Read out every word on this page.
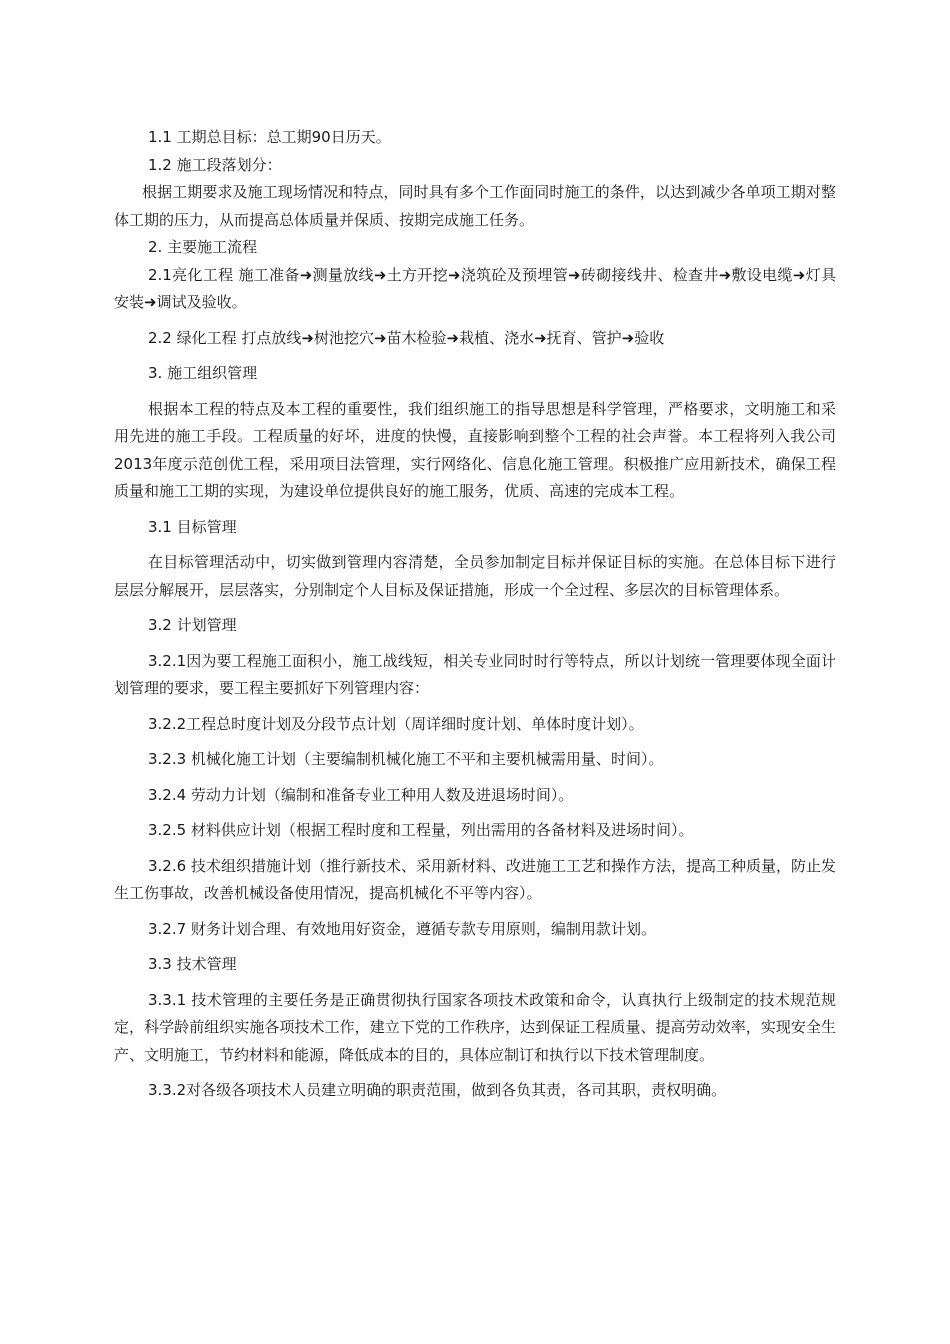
1.1 工期总目标：总工期90日历天。

1.2 施工段落划分：

根据工期要求及施工现场情况和特点，同时具有多个工作面同时施工的条件，以达到减少各单项工期对整体工期的压力，从而提高总体质量并保质、按期完成施工任务。

2. 主要施工流程

2.1亮化工程 施工准备➜测量放线➜土方开挖➜浇筑砼及预埋管➜砖砌接线井、检查井➜敷设电缆➜灯具安装➜调试及验收。

2.2 绿化工程 打点放线➜树池挖穴➜苗木检验➜栽植、浇水➜抚育、管护➜验收

3. 施工组织管理

根据本工程的特点及本工程的重要性，我们组织施工的指导思想是科学管理，严格要求，文明施工和采用先进的施工手段。工程质量的好坏，进度的快慢，直接影响到整个工程的社会声誉。本工程将列入我公司2013年度示范创优工程，采用项目法管理，实行网络化、信息化施工管理。积极推广应用新技术，确保工程质量和施工工期的实现，为建设单位提供良好的施工服务，优质、高速的完成本工程。

3.1 目标管理

在目标管理活动中，切实做到管理内容清楚，全员参加制定目标并保证目标的实施。在总体目标下进行层层分解展开，层层落实，分别制定个人目标及保证措施，形成一个全过程、多层次的目标管理体系。

3.2 计划管理

3.2.1因为要工程施工面积小，施工战线短，相关专业同时时行等特点，所以计划统一管理要体现全面计划管理的要求，要工程主要抓好下列管理内容：

3.2.2工程总时度计划及分段节点计划（周详细时度计划、单体时度计划）。

3.2.3 机械化施工计划（主要编制机械化施工不平和主要机械需用量、时间）。

3.2.4 劳动力计划（编制和准备专业工种用人数及进退场时间）。

3.2.5 材料供应计划（根据工程时度和工程量，列出需用的各备材料及进场时间）。

3.2.6 技术组织措施计划（推行新技术、采用新材料、改进施工工艺和操作方法，提高工种质量，防止发生工伤事故，改善机械设备使用情况，提高机械化不平等内容）。

3.2.7 财务计划合理、有效地用好资金，遵循专款专用原则，编制用款计划。

3.3 技术管理

3.3.1 技术管理的主要任务是正确贯彻执行国家各项技术政策和命令，认真执行上级制定的技术规范规定，科学龄前组织实施各项技术工作，建立下党的工作秩序，达到保证工程质量、提高劳动效率，实现安全生产、文明施工，节约材料和能源，降低成本的目的，具体应制订和执行以下技术管理制度。

3.3.2对各级各项技术人员建立明确的职责范围，做到各负其责，各司其职，责权明确。
